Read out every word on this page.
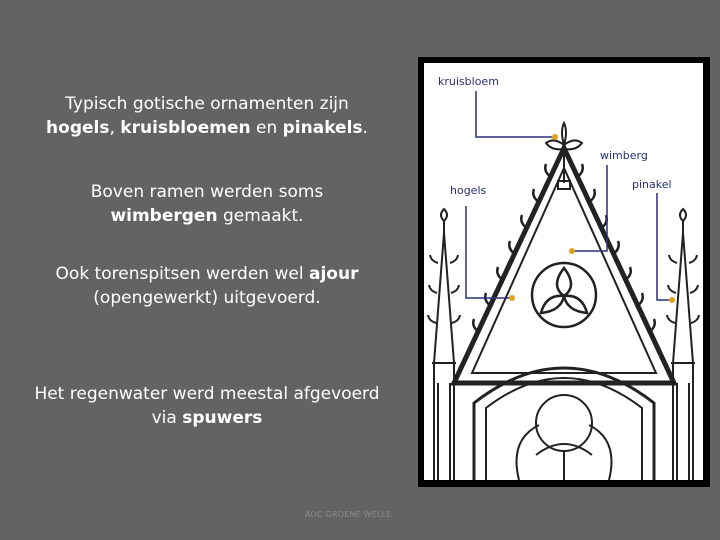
Typisch gotische ornamenten zijn
hogels, kruisbloemen en pinakels.
Boven ramen werden soms
wimbergen gemaakt.
Ook torenspitsen werden wel ajour
(opengewerkt) uitgevoerd.
Het regenwater werd meestal afgevoerd via spuwers
kruisbloem
wimberg
hogels	pinakel
AOC GROENE WELLE
